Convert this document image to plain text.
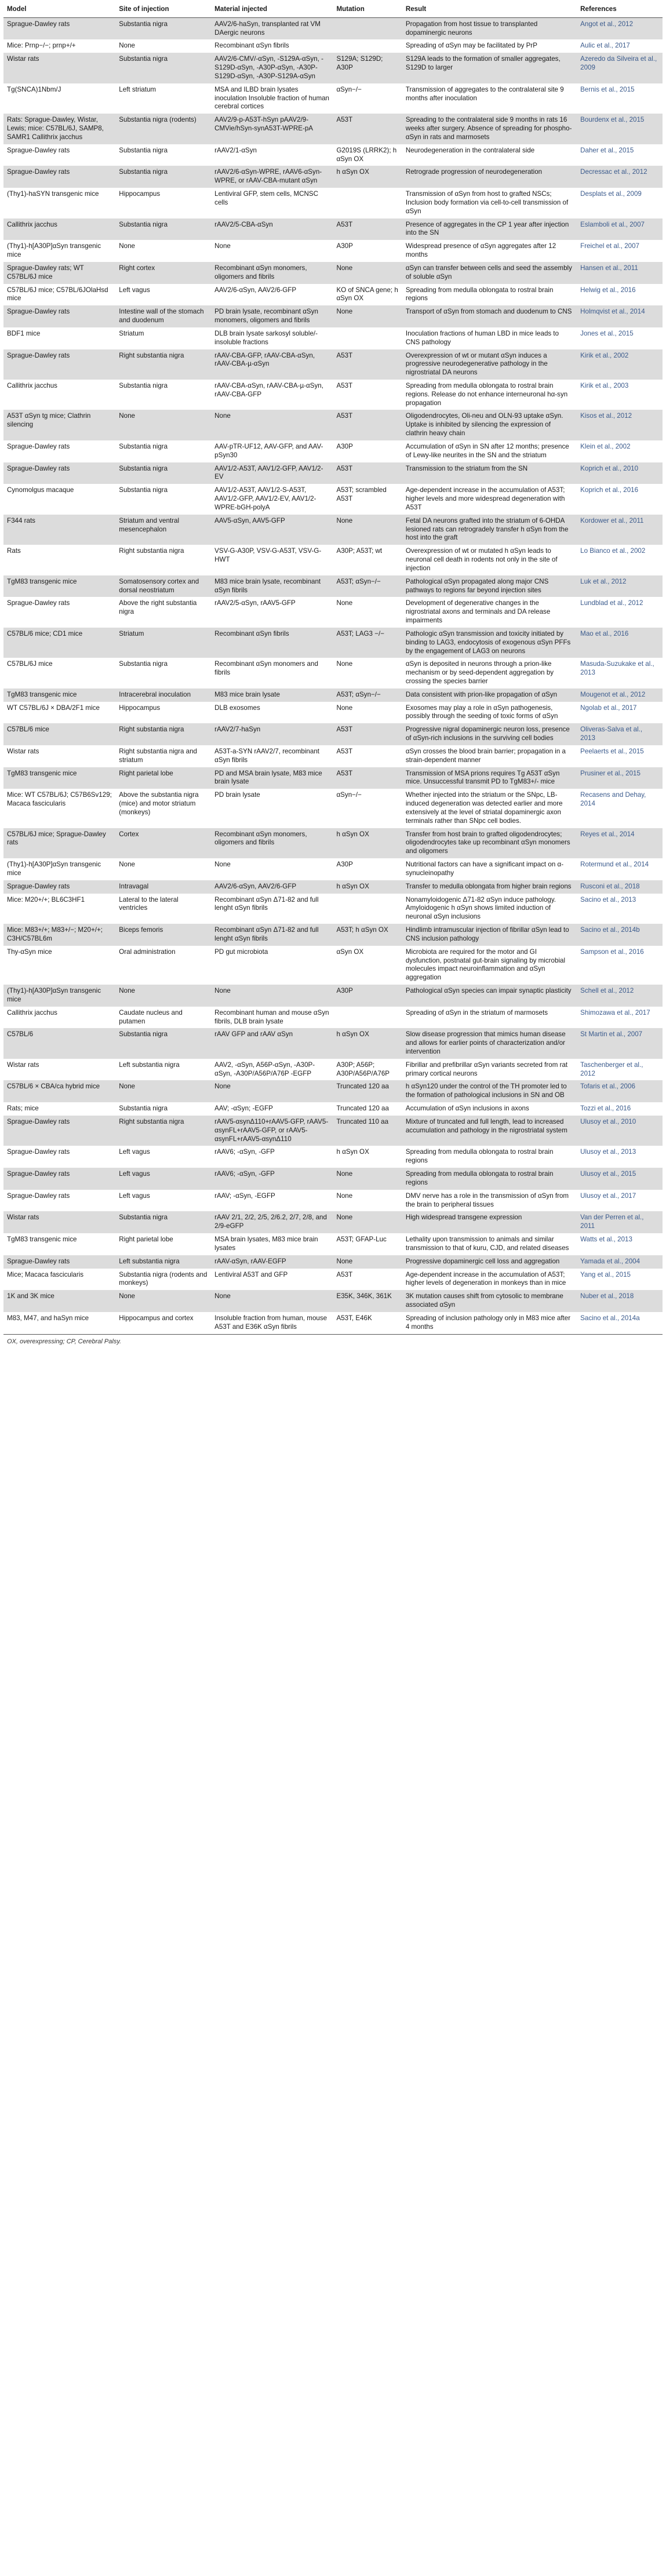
Model	Site of injection	Material injected	Mutation	Result	References
Sprague-Dawley rats	Substantia nigra	AAV2/6-haSyn, transplanted rat VM DAergic neurons		Propagation from host tissue to transplanted dopaminergic neurons	Angot et al., 2012
Mice: Prnp−/−; prnp+/+	None	Recombinant αSyn fibrils		Spreading of αSyn may be facilitated by PrP	Aulic et al., 2017
Wistar rats	Substantia nigra	AAV2/6-CMV/-αSyn, -S129A-αSyn, -S129D-αSyn, -A30P-αSyn, -A30P-S129D-αSyn, -A30P-S129A-αSyn	S129A; S129D; A30P	S129A leads to the formation of smaller aggregates, S129D to larger	Azeredo da Silveira et al., 2009
Tg(SNCA)1Nbm/J	Left striatum	MSA and ILBD brain lysates inoculation Insoluble fraction of human cerebral cortices	αSyn−/−	Transmission of aggregates to the contralateral site 9 months after inoculation	Bernis et al., 2015
Rats: Sprague-Dawley, Wistar, Lewis; mice: C57BL/6J, SAMP8, SAMR1 Callithrix jacchus	Substantia nigra (rodents)	AAV2/9-p-A53T-hSyn pAAV2/9-CMVie/hSyn-synA53T-WPRE-pA	A53T	Spreading to the contralateral side 9 months in rats 16 weeks after surgery. Absence of spreading for phospho-αSyn in rats and marmosets	Bourdenx et al., 2015
Sprague-Dawley rats	Substantia nigra	rAAV2/1-αSyn	G2019S (LRRK2); h αSyn OX	Neurodegeneration in the contralateral side	Daher et al., 2015
Sprague-Dawley rats	Substantia nigra	rAAV2/6-αSyn-WPRE, rAAV6-αSyn-WPRE, or rAAV-CBA-mutant αSyn	h αSyn OX	Retrograde progression of neurodegeneration	Decressac et al., 2012
(Thy1)-haSYN transgenic mice	Hippocampus	Lentiviral GFP, stem cells, MCNSC cells		Transmission of αSyn from host to grafted NSCs; Inclusion body formation via cell-to-cell transmission of αSyn	Desplats et al., 2009
Callithrix jacchus	Substantia nigra	rAAV2/5-CBA-αSyn	A53T	Presence of aggregates in the CP 1 year after injection into the SN	Eslamboli et al., 2007
(Thy1)-h[A30P]αSyn transgenic mice	None	None	A30P	Widespread presence of αSyn aggregates after 12 months	Freichel et al., 2007
Sprague-Dawley rats; WT C57BL/6J mice	Right cortex	Recombinant αSyn monomers, oligomers and fibrils	None	αSyn can transfer between cells and seed the assembly of soluble αSyn	Hansen et al., 2011
C57BL/6J mice; C57BL/6JOlaHsd mice	Left vagus	AAV2/6-αSyn, AAV2/6-GFP	KO of SNCA gene; h αSyn OX	Spreading from medulla oblongata to rostral brain regions	Helwig et al., 2016
Sprague-Dawley rats	Intestine wall of the stomach and duodenum	PD brain lysate, recombinant αSyn monomers, oligomers and fibrils	None	Transport of αSyn from stomach and duodenum to CNS	Holmqvist et al., 2014
BDF1 mice	Striatum	DLB brain lysate sarkosyl soluble/-insoluble fractions		Inoculation fractions of human LBD in mice leads to CNS pathology	Jones et al., 2015
Sprague-Dawley rats	Right substantia nigra	rAAV-CBA-GFP, rAAV-CBA-αSyn, rAAV-CBA-µ-αSyn	A53T	Overexpression of wt or mutant αSyn induces a progressive neurodegenerative pathology in the nigrostriatal DA neurons	Kirik et al., 2002
Callithrix jacchus	Substantia nigra	rAAV-CBA-αSyn, rAAV-CBA-µ-αSyn, rAAV-CBA-GFP	A53T	Spreading from medulla oblongata to rostral brain regions. Release do not enhance interneuronal hα-syn propagation	Kirik et al., 2003
A53T αSyn tg mice; Clathrin silencing	None	None	A53T	Oligodendrocytes, Oli-neu and OLN-93 uptake αSyn. Uptake is inhibited by silencing the expression of clathrin heavy chain	Kisos et al., 2012
Sprague-Dawley rats	Substantia nigra	AAV-pTR-UF12, AAV-GFP, and AAV-pSyn30	A30P	Accumulation of αSyn in SN after 12 months; presence of Lewy-like neurites in the SN and the striatum	Klein et al., 2002
Sprague-Dawley rats	Substantia nigra	AAV1/2-A53T, AAV1/2-GFP, AAV1/2-EV	A53T	Transmission to the striatum from the SN	Koprich et al., 2010
Cynomolgus macaque	Substantia nigra	AAV1/2-A53T, AAV1/2-S-A53T, AAV1/2-GFP, AAV1/2-EV, AAV1/2-WPRE-bGH-polyA	A53T; scrambled A53T	Age-dependent increase in the accumulation of A53T; higher levels and more widespread degeneration with A53T	Koprich et al., 2016
F344 rats	Striatum and ventral mesencephalon	AAV5-αSyn, AAV5-GFP	None	Fetal DA neurons grafted into the striatum of 6-OHDA lesioned rats can retrogradely transfer h αSyn from the host into the graft	Kordower et al., 2011
Rats	Right substantia nigra	VSV-G-A30P, VSV-G-A53T, VSV-G-HWT	A30P; A53T; wt	Overexpression of wt or mutated h αSyn leads to neuronal cell death in rodents not only in the site of injection	Lo Bianco et al., 2002
TgM83 transgenic mice	Somatosensory cortex and dorsal neostriatum	M83 mice brain lysate, recombinant αSyn fibrils	A53T; αSyn−/−	Pathological αSyn propagated along major CNS pathways to regions far beyond injection sites	Luk et al., 2012
Sprague-Dawley rats	Above the right substantia nigra	rAAV2/5-αSyn, rAAV5-GFP	None	Development of degenerative changes in the nigrostriatal axons and terminals and DA release impairments	Lundblad et al., 2012
C57BL/6 mice; CD1 mice	Striatum	Recombinant αSyn fibrils	A53T; LAG3 −/−	Pathologic αSyn transmission and toxicity initiated by binding to LAG3, endocytosis of exogenous αSyn PFFs by the engagement of LAG3 on neurons	Mao et al., 2016
C57BL/6J mice	Substantia nigra	Recombinant αSyn monomers and fibrils	None	αSyn is deposited in neurons through a prion-like mechanism or by seed-dependent aggregation by crossing the species barrier	Masuda-Suzukake et al., 2013
TgM83 transgenic mice	Intracerebral inoculation	M83 mice brain lysate	A53T; αSyn−/−	Data consistent with prion-like propagation of αSyn	Mougenot et al., 2012
WT C57BL/6J × DBA/2F1 mice	Hippocampus	DLB exosomes	None	Exosomes may play a role in αSyn pathogenesis, possibly through the seeding of toxic forms of αSyn	Ngolab et al., 2017
C57BL/6 mice	Right substantia nigra	rAAV2/7-haSyn	A53T	Progressive nigral dopaminergic neuron loss, presence of αSyn-rich inclusions in the surviving cell bodies	Oliveras-Salva et al., 2013
Wistar rats	Right substantia nigra and striatum	A53T-a-SYN rAAV2/7, recombinant αSyn fibrils	A53T	αSyn crosses the blood brain barrier; propagation in a strain-dependent manner	Peelaerts et al., 2015
TgM83 transgenic mice	Right parietal lobe	PD and MSA brain lysate, M83 mice brain lysate	A53T	Transmission of MSA prions requires Tg A53T αSyn mice. Unsuccessful transmit PD to TgM83+/- mice	Prusiner et al., 2015
Mice: WT C57BL/6J; C57B6Sv129; Macaca fascicularis	Above the substantia nigra (mice) and motor striatum (monkeys)	PD brain lysate	αSyn−/−	Whether injected into the striatum or the SNpc, LB-induced degeneration was detected earlier and more extensively at the level of striatal dopaminergic axon terminals rather than SNpc cell bodies.	Recasens and Dehay, 2014
C57BL/6J mice; Sprague-Dawley rats	Cortex	Recombinant αSyn monomers, oligomers and fibrils	h αSyn OX	Transfer from host brain to grafted oligodendrocytes; oligodendrocytes take up recombinant αSyn monomers and oligomers	Reyes et al., 2014
(Thy1)-h[A30P]αSyn transgenic mice	None	None	A30P	Nutritional factors can have a significant impact on α-synucleinopathy	Rotermund et al., 2014
Sprague-Dawley rats	Intravagal	AAV2/6-αSyn, AAV2/6-GFP	h αSyn OX	Transfer to medulla oblongata from higher brain regions	Rusconi et al., 2018
Mice: M20+/+; BL6C3HF1	Lateral to the lateral ventricles	Recombinant αSyn Δ71-82 and full lenght αSyn fibrils		Nonamyloidogenic Δ71-82 αSyn induce pathology. Amyloidogenic h αSyn shows limited induction of neuronal αSyn inclusions	Sacino et al., 2013
Mice: M83+/+; M83+/−; M20+/+; C3H/C57BL6m	Biceps femoris	Recombinant αSyn Δ71-82 and full lenght αSyn fibrils	A53T; h αSyn OX	Hindlimb intramuscular injection of fibrillar αSyn lead to CNS inclusion pathology	Sacino et al., 2014b
Thy-αSyn mice	Oral administration	PD gut microbiota	αSyn OX	Microbiota are required for the motor and GI dysfunction, postnatal gut-brain signaling by microbial molecules impact neuroinflammation and αSyn aggregation	Sampson et al., 2016
(Thy1)-h[A30P]αSyn transgenic mice	None	None	A30P	Pathological αSyn species can impair synaptic plasticity	Schell et al., 2012
Callithrix jacchus	Caudate nucleus and putamen	Recombinant human and mouse αSyn fibrils, DLB brain lysate		Spreading of αSyn in the striatum of marmosets	Shimozawa et al., 2017
C57BL/6	Substantia nigra	rAAV GFP and rAAV αSyn	h αSyn OX	Slow disease progression that mimics human disease and allows for earlier points of characterization and/or intervention	St Martin et al., 2007
Wistar rats	Left substantia nigra	AAV2, -αSyn, A56P-αSyn, -A30P-αSyn, -A30P/A56P/A76P -EGFP	A30P; A56P; A30P/A56P/A76P	Fibrillar and prefibrillar αSyn variants secreted from rat primary cortical neurons	Taschenberger et al., 2012
C57BL/6 × CBA/ca hybrid mice	None	None	Truncated 120 aa	h αSyn120 under the control of the TH promoter led to the formation of pathological inclusions in SN and OB	Tofaris et al., 2006
Rats; mice	Substantia nigra	AAV; -αSyn; -EGFP	Truncated 120 aa	Accumulation of αSyn inclusions in axons	Tozzi et al., 2016
Sprague-Dawley rats	Right substantia nigra	rAAV5-αsynΔ110+rAAV5-GFP, rAAV5-αsynFL+rAAV5-GFP, or rAAV5-αsynFL+rAAV5-αsynΔ110	Truncated 110 aa	Mixture of truncated and full length, lead to increased accumulation and pathology in the nigrostriatal system	Ulusoy et al., 2010
Sprague-Dawley rats	Left vagus	rAAV6; -αSyn, -GFP	h αSyn OX	Spreading from medulla oblongata to rostral brain regions	Ulusoy et al., 2013
Sprague-Dawley rats	Left vagus	rAAV6; -αSyn, -GFP	None	Spreading from medulla oblongata to rostral brain regions	Ulusoy et al., 2015
Sprague-Dawley rats	Left vagus	rAAV; -αSyn, -EGFP	None	DMV nerve has a role in the transmission of αSyn from the brain to peripheral tissues	Ulusoy et al., 2017
Wistar rats	Substantia nigra	rAAV 2/1, 2/2, 2/5, 2/6.2, 2/7, 2/8, and 2/9-eGFP	None	High widespread transgene expression	Van der Perren et al., 2011
TgM83 transgenic mice	Right parietal lobe	MSA brain lysates, M83 mice brain lysates	A53T; GFAP-Luc	Lethality upon transmission to animals and similar transmission to that of kuru, CJD, and related diseases	Watts et al., 2013
Sprague-Dawley rats	Left substantia nigra	rAAV-αSyn, rAAV-EGFP	None	Progressive dopaminergic cell loss and aggregation	Yamada et al., 2004
Mice; Macaca fascicularis	Substantia nigra (rodents and monkeys)	Lentiviral A53T and GFP	A53T	Age-dependent increase in the accumulation of A53T; higher levels of degeneration in monkeys than in mice	Yang et al., 2015
1K and 3K mice	None	None	E35K, 346K, 361K	3K mutation causes shift from cytosolic to membrane associated αSyn	Nuber et al., 2018
M83, M47, and haSyn mice	Hippocampus and cortex	Insoluble fraction from human, mouse A53T and E36K αSyn fibrils	A53T, E46K	Spreading of inclusion pathology only in M83 mice after 4 months	Sacino et al., 2014a
OX, overexpressing; CP, Cerebral Palsy.
